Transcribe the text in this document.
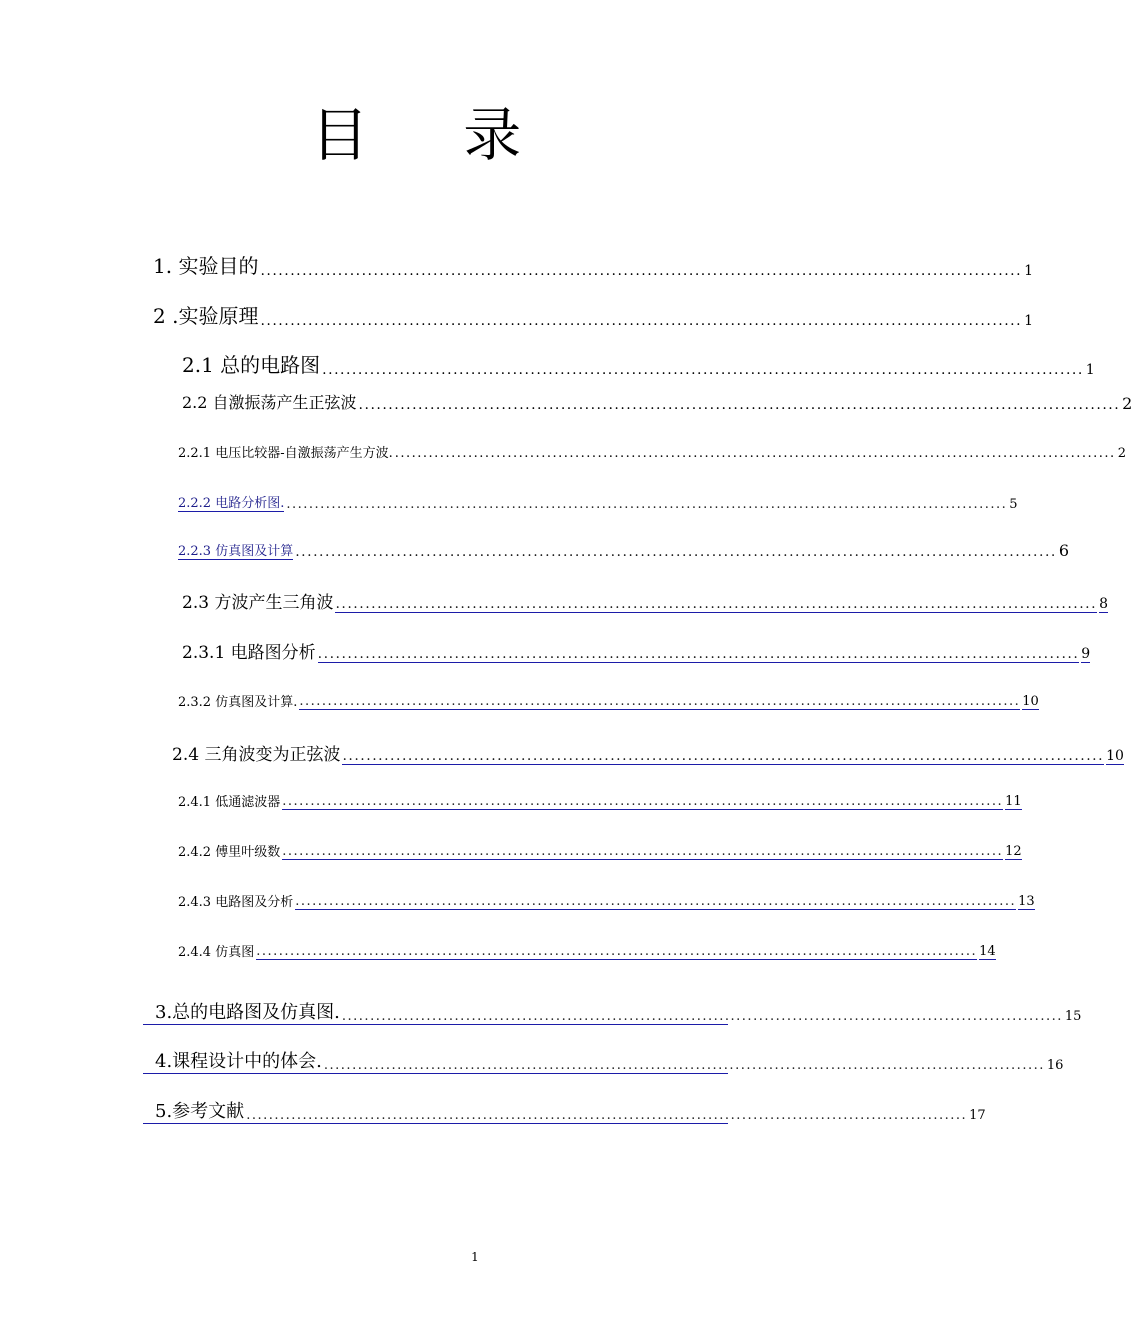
目 录
1. 实验目的 ................................................................................................................................ 1
2 .实验原理 ................................................................................................................................ 1
2.1 总的电路图 ................................................................................................................................ 1
2.2 自激振荡产生正弦波 ................................................................................................................................ 2
2.2.1 电压比较器-自激振荡产生方波. ................................................................................................................................ 2
2.2.2 电路分析图. ................................................................................................................................ 5
2.2.3 仿真图及计算 ................................................................................................................................ 6
2.3 方波产生三角波 ................................................................................................................................ 8
2.3.1 电路图分析 ................................................................................................................................ 9
2.3.2 仿真图及计算. ................................................................................................................................ 10
2.4 三角波变为正弦波 ................................................................................................................................ 10
2.4.1 低通滤波器 ................................................................................................................................ 11
2.4.2 傅里叶级数 ................................................................................................................................ 12
2.4.3 电路图及分析 ................................................................................................................................ 13
2.4.4 仿真图 ................................................................................................................................ 14
3.总的电路图及仿真图. ................................................................................................................................ 15
4.课程设计中的体会. ................................................................................................................................ 16
5.参考文献 ................................................................................................................................ 17
1
